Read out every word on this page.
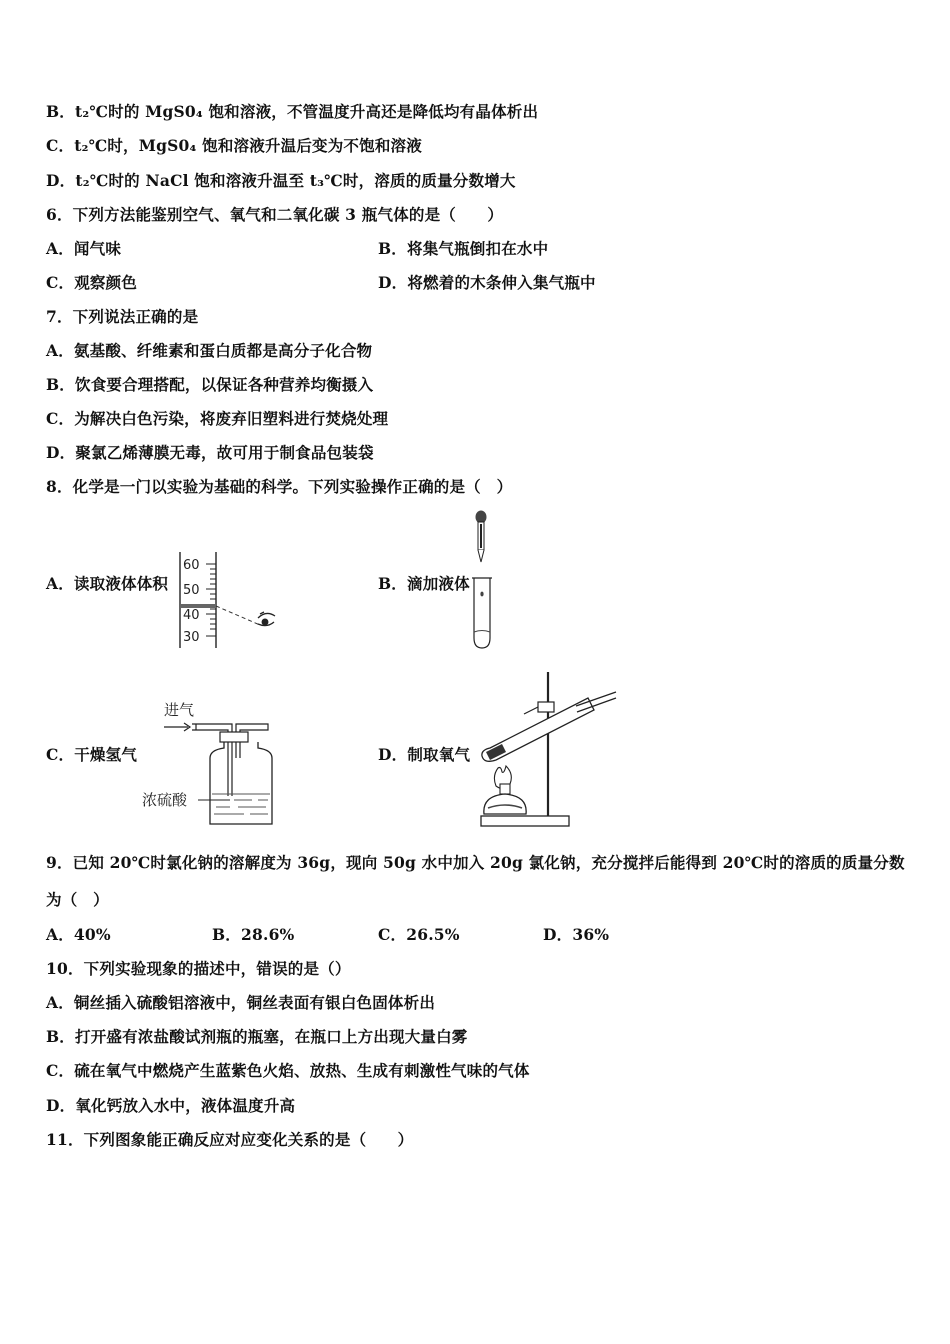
B．t₂℃时的 MgS0₄ 饱和溶液，不管温度升高还是降低均有晶体析出
C．t₂℃时，MgS0₄ 饱和溶液升温后变为不饱和溶液
D．t₂℃时的 NaCl 饱和溶液升温至 t₃℃时，溶质的质量分数增大
6．下列方法能鉴别空气、氧气和二氧化碳 3 瓶气体的是（　　）
A．闻气味	B．将集气瓶倒扣在水中
C．观察颜色	D．将燃着的木条伸入集气瓶中
7．下列说法正确的是
A．氨基酸、纤维素和蛋白质都是高分子化合物
B．饮食要合理搭配，以保证各种营养均衡摄入
C．为解决白色污染，将废弃旧塑料进行焚烧处理
D．聚氯乙烯薄膜无毒，故可用于制食品包装袋
8．化学是一门以实验为基础的科学。下列实验操作正确的是（　）
A．读取液体体积	B．滴加液体
C．干燥氢气	D．制取氧气
60
50
40
30
进气
浓硫酸
9．已知 20℃时氯化钠的溶解度为 36g，现向 50g 水中加入 20g 氯化钠，充分搅拌后能得到 20℃时的溶质的质量分数
为（　）
A．40%	B．28.6%	C．26.5%	D．36%
10．下列实验现象的描述中，错误的是（）
A．铜丝插入硫酸铝溶液中，铜丝表面有银白色固体析出
B．打开盛有浓盐酸试剂瓶的瓶塞，在瓶口上方出现大量白雾
C．硫在氧气中燃烧产生蓝紫色火焰、放热、生成有刺激性气味的气体
D．氧化钙放入水中，液体温度升高
11．下列图象能正确反应对应变化关系的是（　　）
